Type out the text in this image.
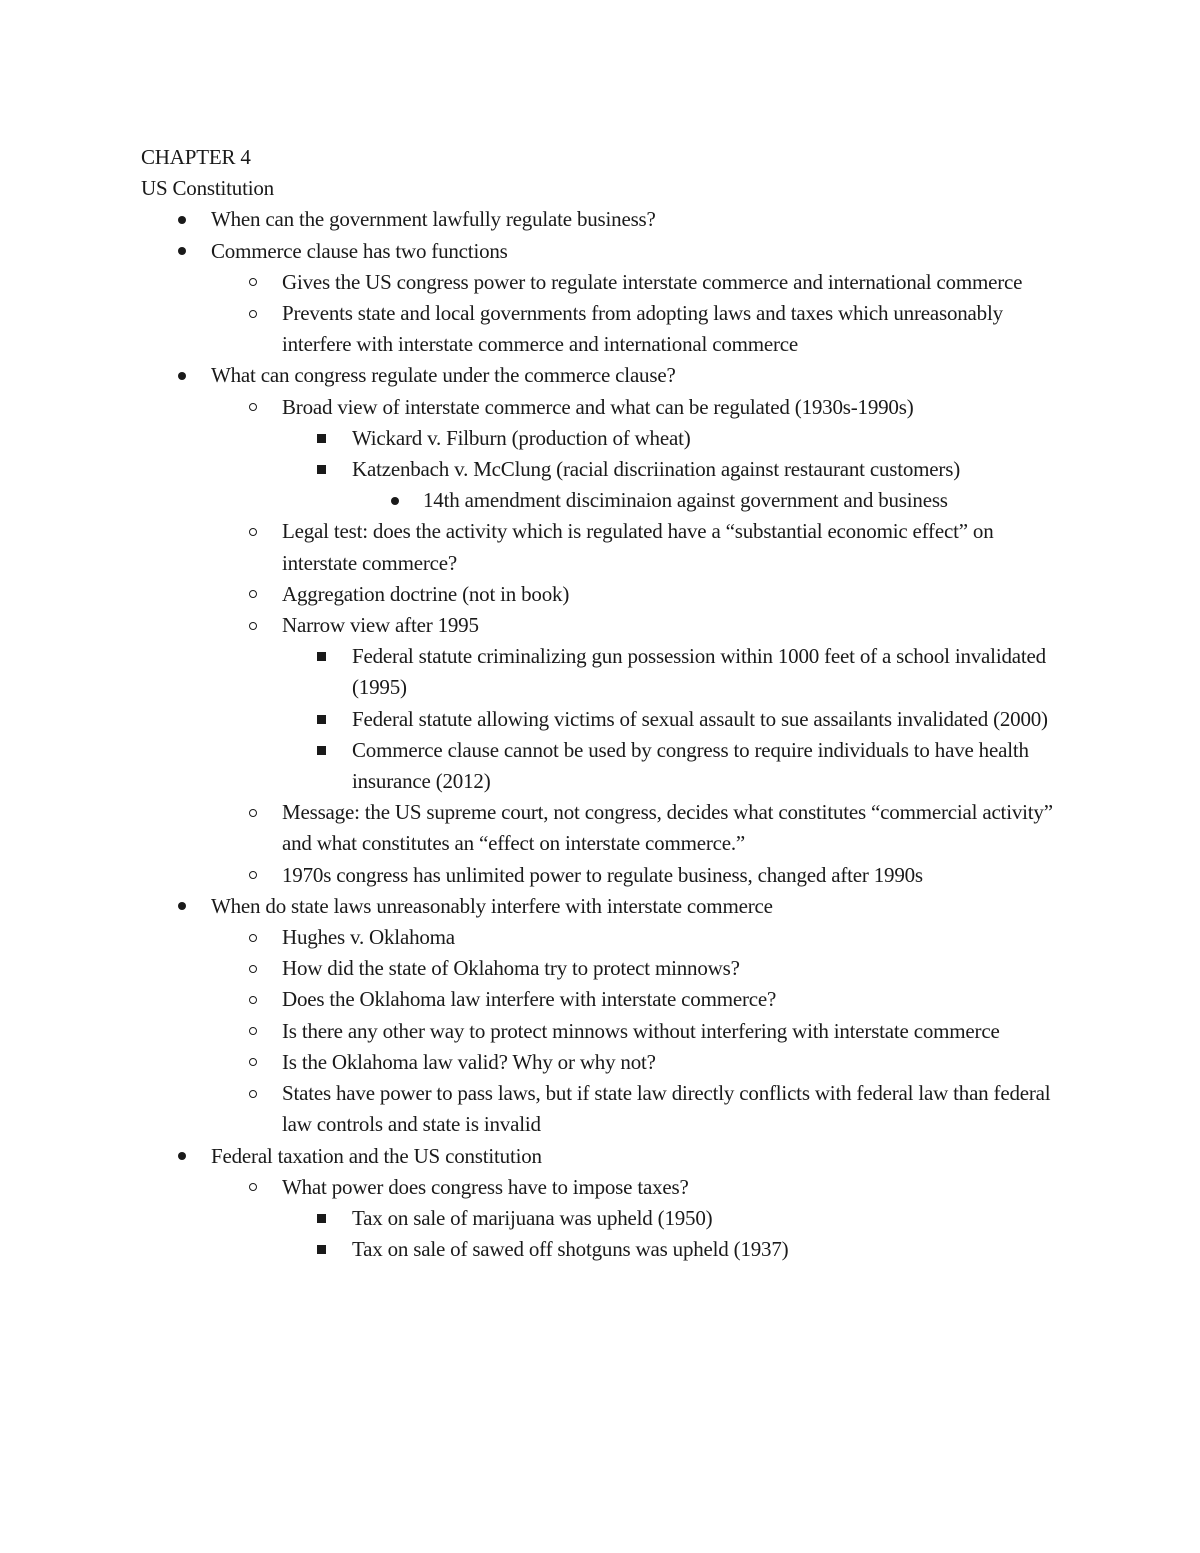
CHAPTER 4

US Constitution

When can the government lawfully regulate business?
Commerce clause has two functions
Gives the US congress power to regulate interstate commerce and international commerce
Prevents state and local governments from adopting laws and taxes which unreasonably interfere with interstate commerce and international commerce
What can congress regulate under the commerce clause?
Broad view of interstate commerce and what can be regulated (1930s-1990s)
Wickard v. Filburn (production of wheat)
Katzenbach v. McClung (racial discriination against restaurant customers)
14th amendment disciminaion against government and business
Legal test: does the activity which is regulated have a “substantial economic effect” on interstate commerce?
Aggregation doctrine (not in book)
Narrow view after 1995
Federal statute criminalizing gun possession within 1000 feet of a school invalidated (1995)
Federal statute allowing victims of sexual assault to sue assailants invalidated (2000)
Commerce clause cannot be used by congress to require individuals to have health insurance (2012)
Message: the US supreme court, not congress, decides what constitutes “commercial activity” and what constitutes an “effect on interstate commerce.”
1970s congress has unlimited power to regulate business, changed after 1990s
When do state laws unreasonably interfere with interstate commerce
Hughes v. Oklahoma
How did the state of Oklahoma try to protect minnows?
Does the Oklahoma law interfere with interstate commerce?
Is there any other way to protect minnows without interfering with interstate commerce
Is the Oklahoma law valid? Why or why not?
States have power to pass laws, but if state law directly conflicts with federal law than federal law controls and state is invalid
Federal taxation and the US constitution
What power does congress have to impose taxes?
Tax on sale of marijuana was upheld (1950)
Tax on sale of sawed off shotguns was upheld (1937)
